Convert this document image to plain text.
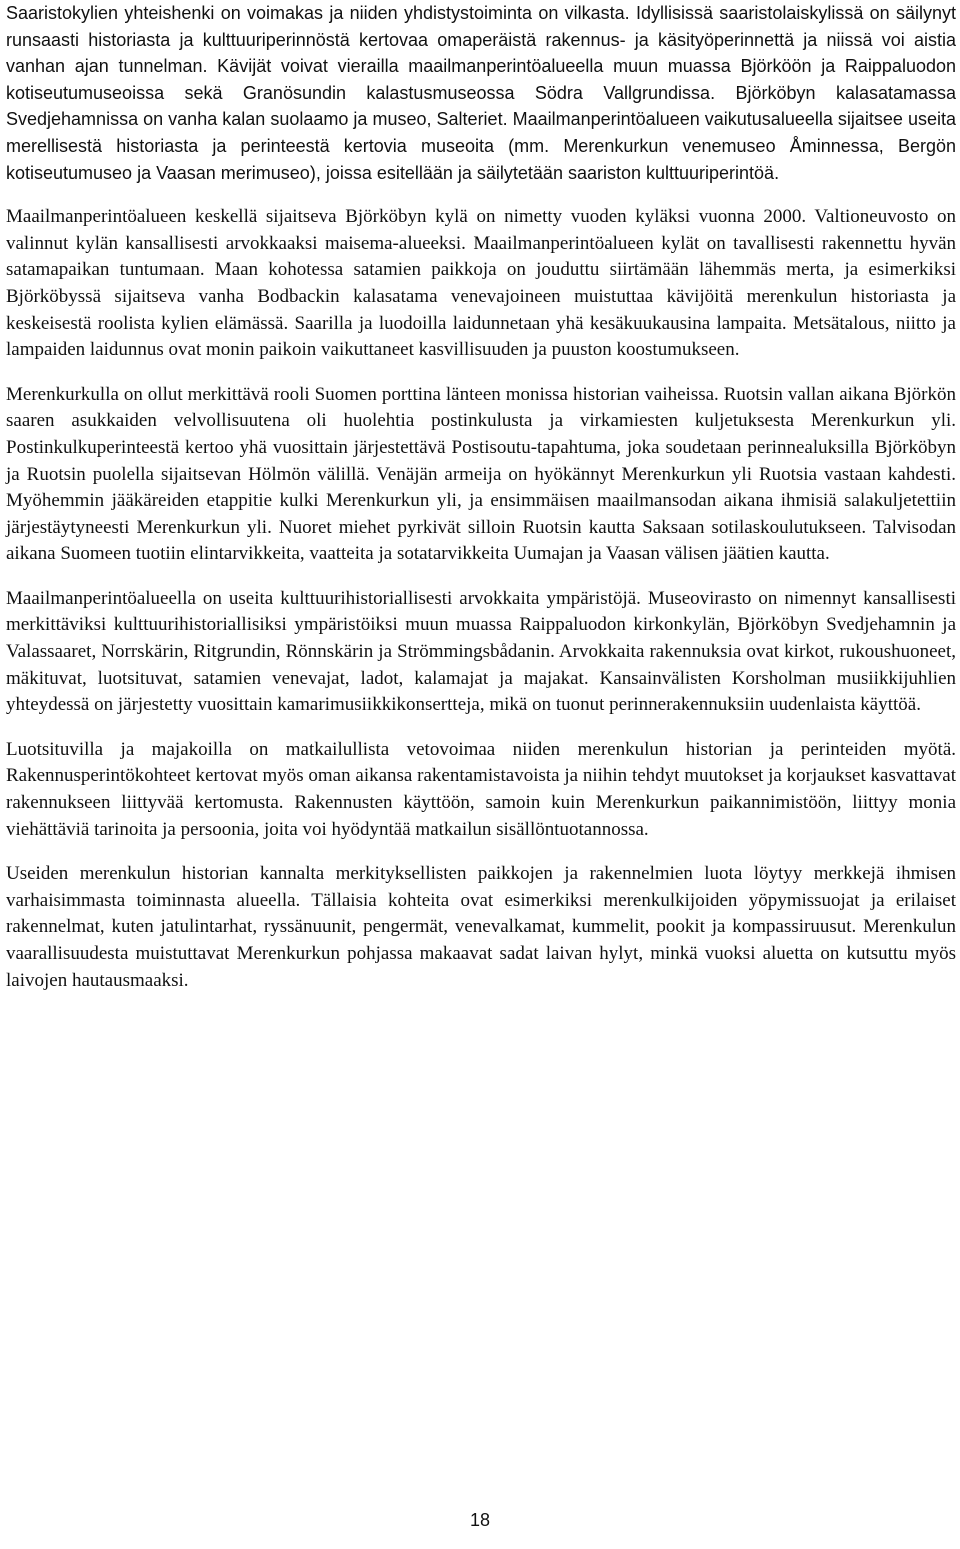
Saaristokylien yhteishenki on voimakas ja niiden yhdistystoiminta on vilkasta. Idyllisissä saaristolaiskylissä on säilynyt runsaasti historiasta ja kulttuuriperinnöstä kertovaa omaperäistä rakennus- ja käsityöperinnettä ja niissä voi aistia vanhan ajan tunnelman. Kävijät voivat vierailla maailmanperintöalueella muun muassa Björköön ja Raippaluodon kotiseutumuseoissa sekä Granösundin kalastusmuseossa Södra Vallgrundissa. Björköbyn kalasatamassa Svedjehamnissa on vanha kalan suolaamo ja museo, Salteriet. Maailmanperintöalueen vaikutusalueella sijaitsee useita merellisestä historiasta ja perinteestä kertovia museoita (mm. Merenkurkun venemuseo Åminnessa, Bergön kotiseutumuseo ja Vaasan merimuseo), joissa esitellään ja säilytetään saariston kulttuuriperintöä.

Maailmanperintöalueen keskellä sijaitseva Björköbyn kylä on nimetty vuoden kyläksi vuonna 2000. Valtioneuvosto on valinnut kylän kansallisesti arvokkaaksi maisema-alueeksi. Maailmanperintöalueen kylät on tavallisesti rakennettu hyvän satamapaikan tuntumaan. Maan kohotessa satamien paikkoja on jouduttu siirtämään lähemmäs merta, ja esimerkiksi Björköbyssä sijaitseva vanha Bodbackin kalasatama venevajoineen muistuttaa kävijöitä merenkulun historiasta ja keskeisestä roolista kylien elämässä. Saarilla ja luodoilla laidunnetaan yhä kesäkuukausina lampaita. Metsätalous, niitto ja lampaiden laidunnus ovat monin paikoin vaikuttaneet kasvillisuuden ja puuston koostumukseen.

Merenkurkulla on ollut merkittävä rooli Suomen porttina länteen monissa historian vaiheissa. Ruotsin vallan aikana Björkön saaren asukkaiden velvollisuutena oli huolehtia postinkulusta ja virkamiesten kuljetuksesta Merenkurkun yli. Postinkulkuperinteestä kertoo yhä vuosittain järjestettävä Postisoutu-tapahtuma, joka soudetaan perinnealuksilla Björköbyn ja Ruotsin puolella sijaitsevan Hölmön välillä. Venäjän armeija on hyökännyt Merenkurkun yli Ruotsia vastaan kahdesti. Myöhemmin jääkäreiden etappitie kulki Merenkurkun yli, ja ensimmäisen maailmansodan aikana ihmisiä salakuljetettiin järjestäytyneesti Merenkurkun yli. Nuoret miehet pyrkivät silloin Ruotsin kautta Saksaan sotilaskoulutukseen. Talvisodan aikana Suomeen tuotiin elintarvikkeita, vaatteita ja sotatarvikkeita Uumajan ja Vaasan välisen jäätien kautta.

Maailmanperintöalueella on useita kulttuurihistoriallisesti arvokkaita ympäristöjä. Museovirasto on nimennyt kansallisesti merkittäviksi kulttuurihistoriallisiksi ympäristöiksi muun muassa Raippaluodon kirkonkylän, Björköbyn Svedjehamnin ja Valassaaret, Norrskärin, Ritgrundin, Rönnskärin ja Strömmingsbådanin. Arvokkaita rakennuksia ovat kirkot, rukoushuoneet, mäkituvat, luotsituvat, satamien venevajat, ladot, kalamajat ja majakat. Kansainvälisten Korsholman musiikkijuhlien yhteydessä on järjestetty vuosittain kamarimusiikkikonsertteja, mikä on tuonut perinnerakennuksiin uudenlaista käyttöä.

Luotsituvilla ja majakoilla on matkailullista vetovoimaa niiden merenkulun historian ja perinteiden myötä. Rakennusperintökohteet kertovat myös oman aikansa rakentamistavoista ja niihin tehdyt muutokset ja korjaukset kasvattavat rakennukseen liittyvää kertomusta. Rakennusten käyttöön, samoin kuin Merenkurkun paikannimistöön, liittyy monia viehättäviä tarinoita ja persoonia, joita voi hyödyntää matkailun sisällöntuotannossa.

Useiden merenkulun historian kannalta merkityksellisten paikkojen ja rakennelmien luota löytyy merkkejä ihmisen varhaisimmasta toiminnasta alueella. Tällaisia kohteita ovat esimerkiksi merenkulkijoiden yöpymissuojat ja erilaiset rakennelmat, kuten jatulintarhat, ryssänuunit, pengermät, venevalkamat, kummelit, pookit ja kompassiruusut. Merenkulun vaarallisuudesta muistuttavat Merenkurkun pohjassa makaavat sadat laivan hylyt, minkä vuoksi aluetta on kutsuttu myös laivojen hautausmaaksi.

18
